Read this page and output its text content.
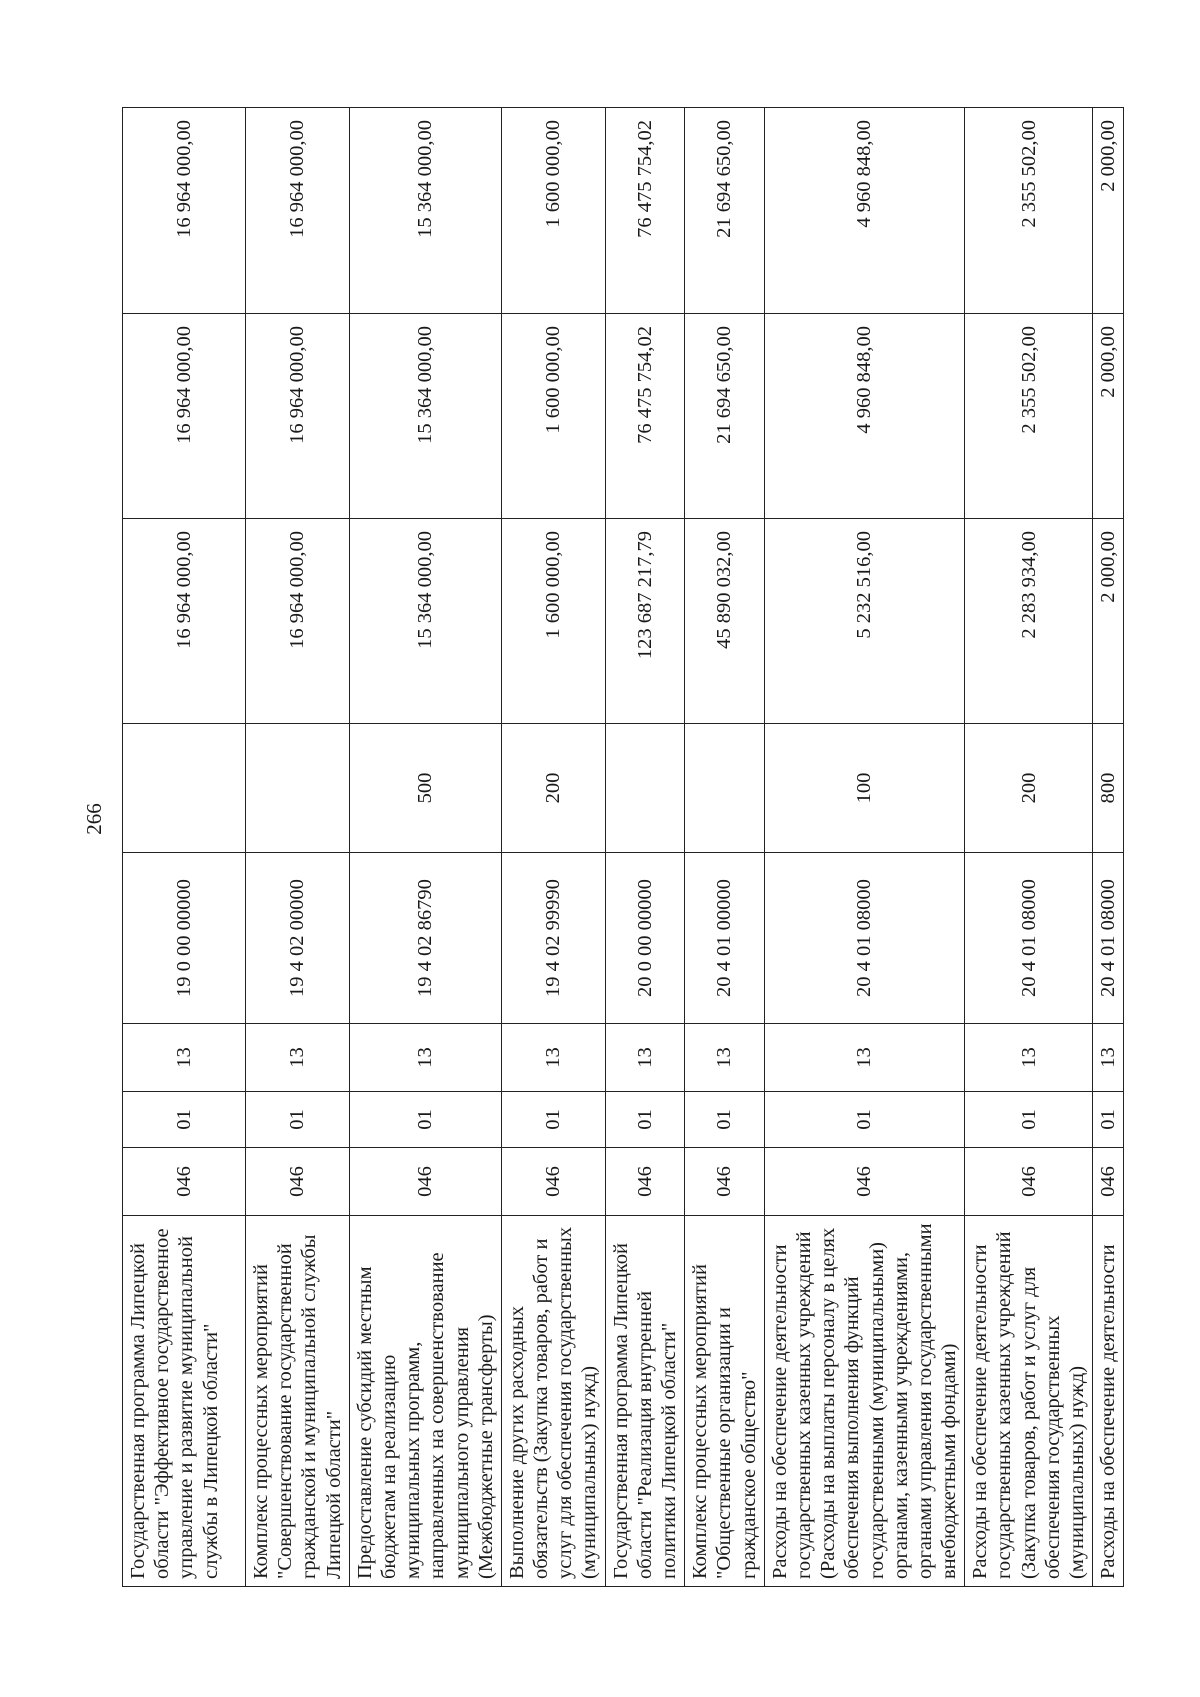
266
Государственная программа Липецкой области "Эффективное государственное управление и развитие муниципальной службы в Липецкой области"	046	01	13	19 0 00 00000		16 964 000,00	16 964 000,00	16 964 000,00
Комплекс процессных мероприятий "Совершенствование государственной гражданской и муниципальной службы Липецкой области"	046	01	13	19 4 02 00000		16 964 000,00	16 964 000,00	16 964 000,00
Предоставление субсидий местным бюджетам на реализацию муниципальных программ, направленных на совершенствование муниципального управления (Межбюджетные трансферты)	046	01	13	19 4 02 86790	500	15 364 000,00	15 364 000,00	15 364 000,00
Выполнение других расходных обязательств (Закупка товаров, работ и услуг для обеспечения государственных (муниципальных) нужд)	046	01	13	19 4 02 99990	200	1 600 000,00	1 600 000,00	1 600 000,00
Государственная программа Липецкой области "Реализация внутренней политики Липецкой области"	046	01	13	20 0 00 00000		123 687 217,79	76 475 754,02	76 475 754,02
Комплекс процессных мероприятий "Общественные организации и гражданское общество"	046	01	13	20 4 01 00000		45 890 032,00	21 694 650,00	21 694 650,00
Расходы на обеспечение деятельности государственных казенных учреждений (Расходы на выплаты персоналу в целях обеспечения выполнения функций государственными (муниципальными) органами, казенными учреждениями, органами управления государственными внебюджетными фондами)	046	01	13	20 4 01 08000	100	5 232 516,00	4 960 848,00	4 960 848,00
Расходы на обеспечение деятельности государственных казенных учреждений (Закупка товаров, работ и услуг для обеспечения государственных (муниципальных) нужд)	046	01	13	20 4 01 08000	200	2 283 934,00	2 355 502,00	2 355 502,00
Расходы на обеспечение деятельности	046	01	13	20 4 01 08000	800	2 000,00	2 000,00	2 000,00
